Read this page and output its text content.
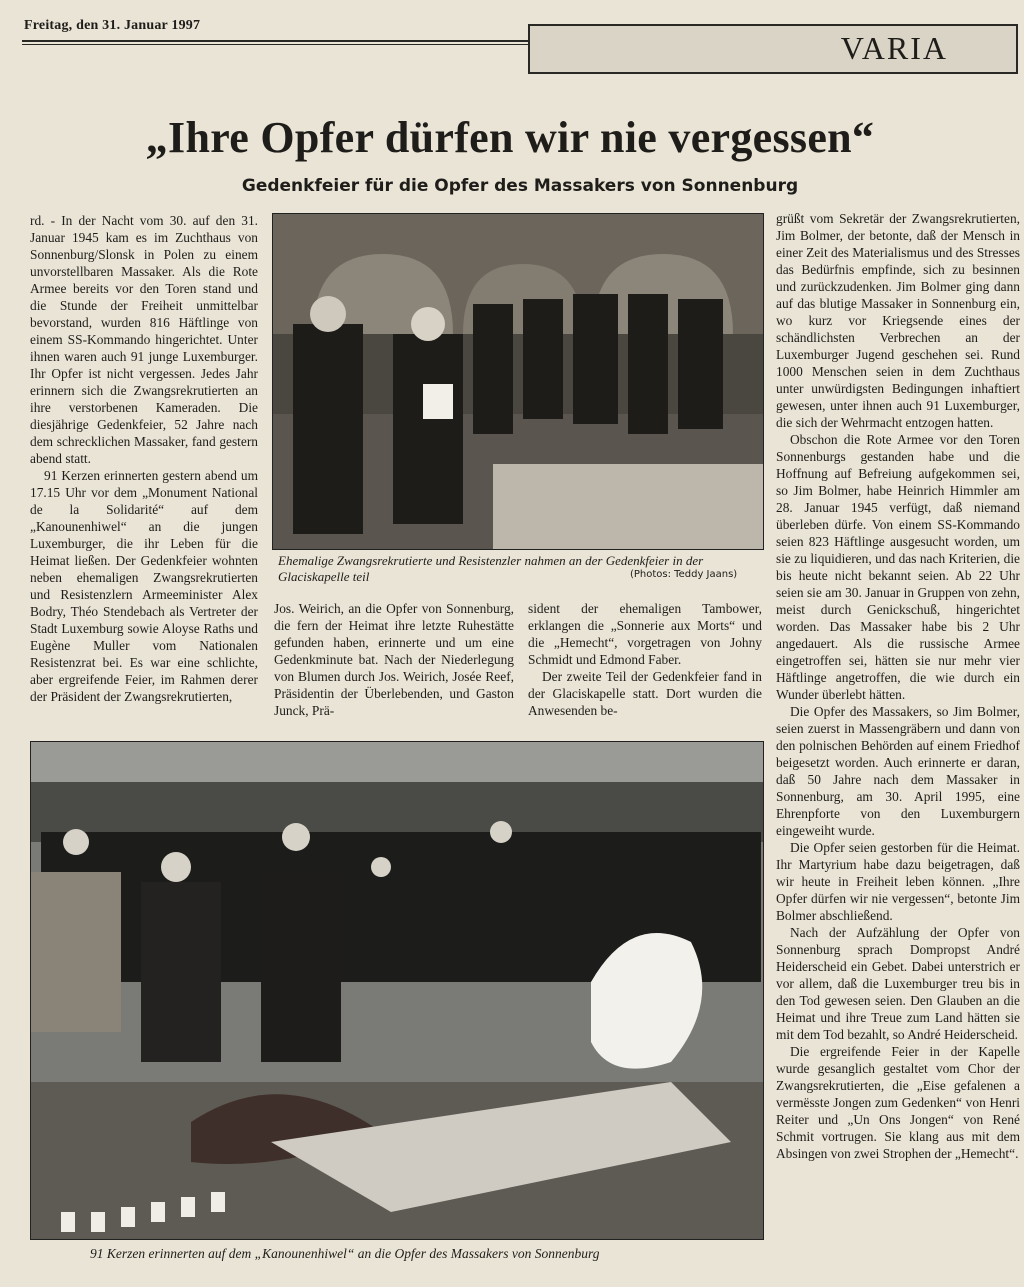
Freitag, den 31. Januar 1997
VARIA
„Ihre Opfer dürfen wir nie vergessen“
Gedenkfeier für die Opfer des Massakers von Sonnenburg

rd. - In der Nacht vom 30. auf den 31. Januar 1945 kam es im Zuchthaus von Sonnenburg/Slonsk in Polen zu einem unvorstellbaren Massaker. Als die Rote Armee bereits vor den Toren stand und die Stunde der Freiheit unmittelbar bevorstand, wurden 816 Häftlinge von einem SS-Kommando hingerichtet. Unter ihnen waren auch 91 junge Luxemburger. Ihr Opfer ist nicht vergessen. Jedes Jahr erinnern sich die Zwangsrekrutierten an ihre verstorbenen Kameraden. Die diesjährige Gedenkfeier, 52 Jahre nach dem schrecklichen Massaker, fand gestern abend statt.

91 Kerzen erinnerten gestern abend um 17.15 Uhr vor dem „Monument National de la Solidarité“ auf dem „Kanounenhiwel“ an die jungen Luxemburger, die ihr Leben für die Heimat ließen. Der Gedenkfeier wohnten neben ehemaligen Zwangsrekrutierten und Resistenzlern Armeeminister Alex Bodry, Théo Stendebach als Vertreter der Stadt Luxemburg sowie Aloyse Raths und Eugène Muller vom Nationalen Resistenzrat bei. Es war eine schlichte, aber ergreifende Feier, im Rahmen derer der Präsident der Zwangsrekrutierten,

Ehemalige Zwangsrekrutierte und Resistenzler nahmen an der Gedenkfeier in der Glaciskapelle teil	(Photos: Teddy Jaans)

Jos. Weirich, an die Opfer von Sonnenburg, die fern der Heimat ihre letzte Ruhestätte gefunden haben, erinnerte und um eine Gedenkminute bat. Nach der Niederlegung von Blumen durch Jos. Weirich, Josée Reef, Präsidentin der Überlebenden, und Gaston Junck, Prä-

sident der ehemaligen Tambower, erklangen die „Sonnerie aux Morts“ und die „Hemecht“, vorgetragen von Johny Schmidt und Edmond Faber.

Der zweite Teil der Gedenkfeier fand in der Glaciskapelle statt. Dort wurden die Anwesenden be-

grüßt vom Sekretär der Zwangsrekrutierten, Jim Bolmer, der betonte, daß der Mensch in einer Zeit des Materialismus und des Stresses das Bedürfnis empfinde, sich zu besinnen und zurückzudenken. Jim Bolmer ging dann auf das blutige Massaker in Sonnenburg ein, wo kurz vor Kriegsende eines der schändlichsten Verbrechen an der Luxemburger Jugend geschehen sei. Rund 1000 Menschen seien in dem Zuchthaus unter unwürdigsten Bedingungen inhaftiert gewesen, unter ihnen auch 91 Luxemburger, die sich der Wehrmacht entzogen hatten.

Obschon die Rote Armee vor den Toren Sonnenburgs gestanden habe und die Hoffnung auf Befreiung aufgekommen sei, so Jim Bolmer, habe Heinrich Himmler am 28. Januar 1945 verfügt, daß niemand überleben dürfe. Von einem SS-Kommando seien 823 Häftlinge ausgesucht worden, um sie zu liquidieren, und das nach Kriterien, die bis heute nicht bekannt seien. Ab 22 Uhr seien sie am 30. Januar in Gruppen von zehn, meist durch Genickschuß, hingerichtet worden. Das Massaker habe bis 2 Uhr angedauert. Als die russische Armee eingetroffen sei, hätten sie nur mehr vier Häftlinge angetroffen, die wie durch ein Wunder überlebt hätten.

Die Opfer des Massakers, so Jim Bolmer, seien zuerst in Massengräbern und dann von den polnischen Behörden auf einem Friedhof beigesetzt worden. Auch erinnerte er daran, daß 50 Jahre nach dem Massaker in Sonnenburg, am 30. April 1995, eine Ehrenpforte von den Luxemburgern eingeweiht wurde.

Die Opfer seien gestorben für die Heimat. Ihr Martyrium habe dazu beigetragen, daß wir heute in Freiheit leben können. „Ihre Opfer dürfen wir nie vergessen“, betonte Jim Bolmer abschließend.

Nach der Aufzählung der Opfer von Sonnenburg sprach Dompropst André Heiderscheid ein Gebet. Dabei unterstrich er vor allem, daß die Luxemburger treu bis in den Tod gewesen seien. Den Glauben an die Heimat und ihre Treue zum Land hätten sie mit dem Tod bezahlt, so André Heiderscheid.

Die ergreifende Feier in der Kapelle wurde gesanglich gestaltet vom Chor der Zwangsrekrutierten, die „Eise gefalenen a vermësste Jongen zum Gedenken“ von Henri Reiter und „Un Ons Jongen“ von René Schmit vortrugen. Sie klang aus mit dem Absingen von zwei Strophen der „Hemecht“.

91 Kerzen erinnerten auf dem „Kanounenhiwel“ an die Opfer des Massakers von Sonnenburg
